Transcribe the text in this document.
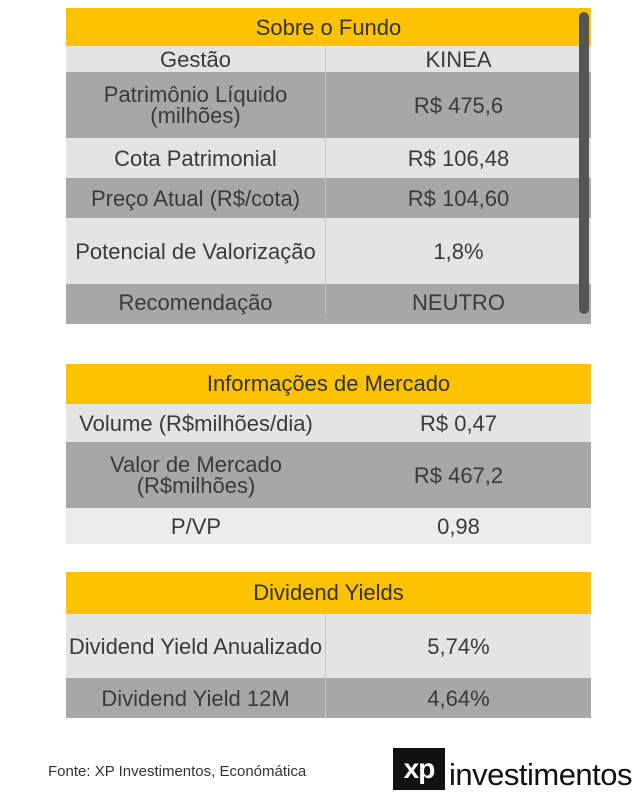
Sobre o Fundo
Gestão	KINEA
Patrimônio Líquido (milhões)	R$ 475,6
Cota Patrimonial	R$ 106,48
Preço Atual (R$/cota)	R$ 104,60
Potencial de Valorização	1,8%
Recomendação	NEUTRO
Informações de Mercado
Volume (R$milhões/dia)	R$ 0,47
Valor de Mercado (R$milhões)	R$ 467,2
P/VP	0,98
Dividend Yields
Dividend Yield Anualizado	5,74%
Dividend Yield 12M	4,64%
Fonte: XP Investimentos, Económática	xp investimentos
